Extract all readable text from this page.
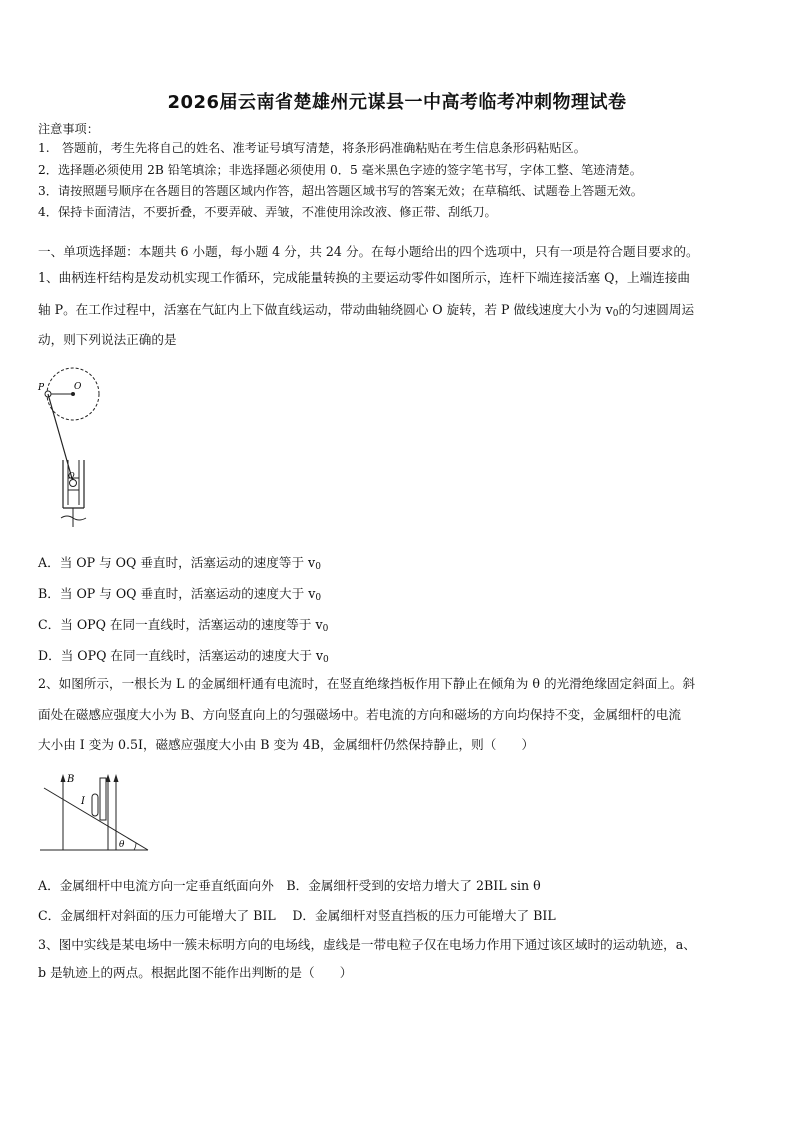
2026届云南省楚雄州元谋县一中高考临考冲刺物理试卷
注意事项：
1.　答题前，考生先将自己的姓名、准考证号填写清楚，将条形码准确粘贴在考生信息条形码粘贴区。
2．选择题必须使用 2B 铅笔填涂；非选择题必须使用 0．5 毫米黑色字迹的签字笔书写，字体工整、笔迹清楚。
3．请按照题号顺序在各题目的答题区域内作答，超出答题区域书写的答案无效；在草稿纸、试题卷上答题无效。
4．保持卡面清洁，不要折叠，不要弄破、弄皱，不准使用涂改液、修正带、刮纸刀。
一、单项选择题：本题共 6 小题，每小题 4 分，共 24 分。在每小题给出的四个选项中，只有一项是符合题目要求的。
1、曲柄连杆结构是发动机实现工作循环，完成能量转换的主要运动零件如图所示，连杆下端连接活塞 Q，上端连接曲
轴 P。在工作过程中，活塞在气缸内上下做直线运动，带动曲轴绕圆心 O 旋转，若 P 做线速度大小为 $v_0$的匀速圆周运
动，则下列说法正确的是
P	O
Q
A．当 OP 与 OQ 垂直时，活塞运动的速度等于 $v_0$
B．当 OP 与 OQ 垂直时，活塞运动的速度大于 $v_0$
C．当 OPQ 在同一直线时，活塞运动的速度等于 $v_0$
D．当 OPQ 在同一直线时，活塞运动的速度大于 $v_0$
2、如图所示，一根长为 L 的金属细杆通有电流时，在竖直绝缘挡板作用下静止在倾角为 θ 的光滑绝缘固定斜面上。斜
面处在磁感应强度大小为 B、方向竖直向上的匀强磁场中。若电流的方向和磁场的方向均保持不变，金属细杆的电流
大小由 I 变为 0.5I，磁感应强度大小由 B 变为 4B，金属细杆仍然保持静止，则（　　）
B
I
θ
A．金属细杆中电流方向一定垂直纸面向外　B．金属细杆受到的安培力增大了 2BIL sin θ
C．金属细杆对斜面的压力可能增大了 BIL　 D．金属细杆对竖直挡板的压力可能增大了 BIL
3、图中实线是某电场中一簇未标明方向的电场线，虚线是一带电粒子仅在电场力作用下通过该区域时的运动轨迹，a、
b 是轨迹上的两点。根据此图不能作出判断的是（　　）
